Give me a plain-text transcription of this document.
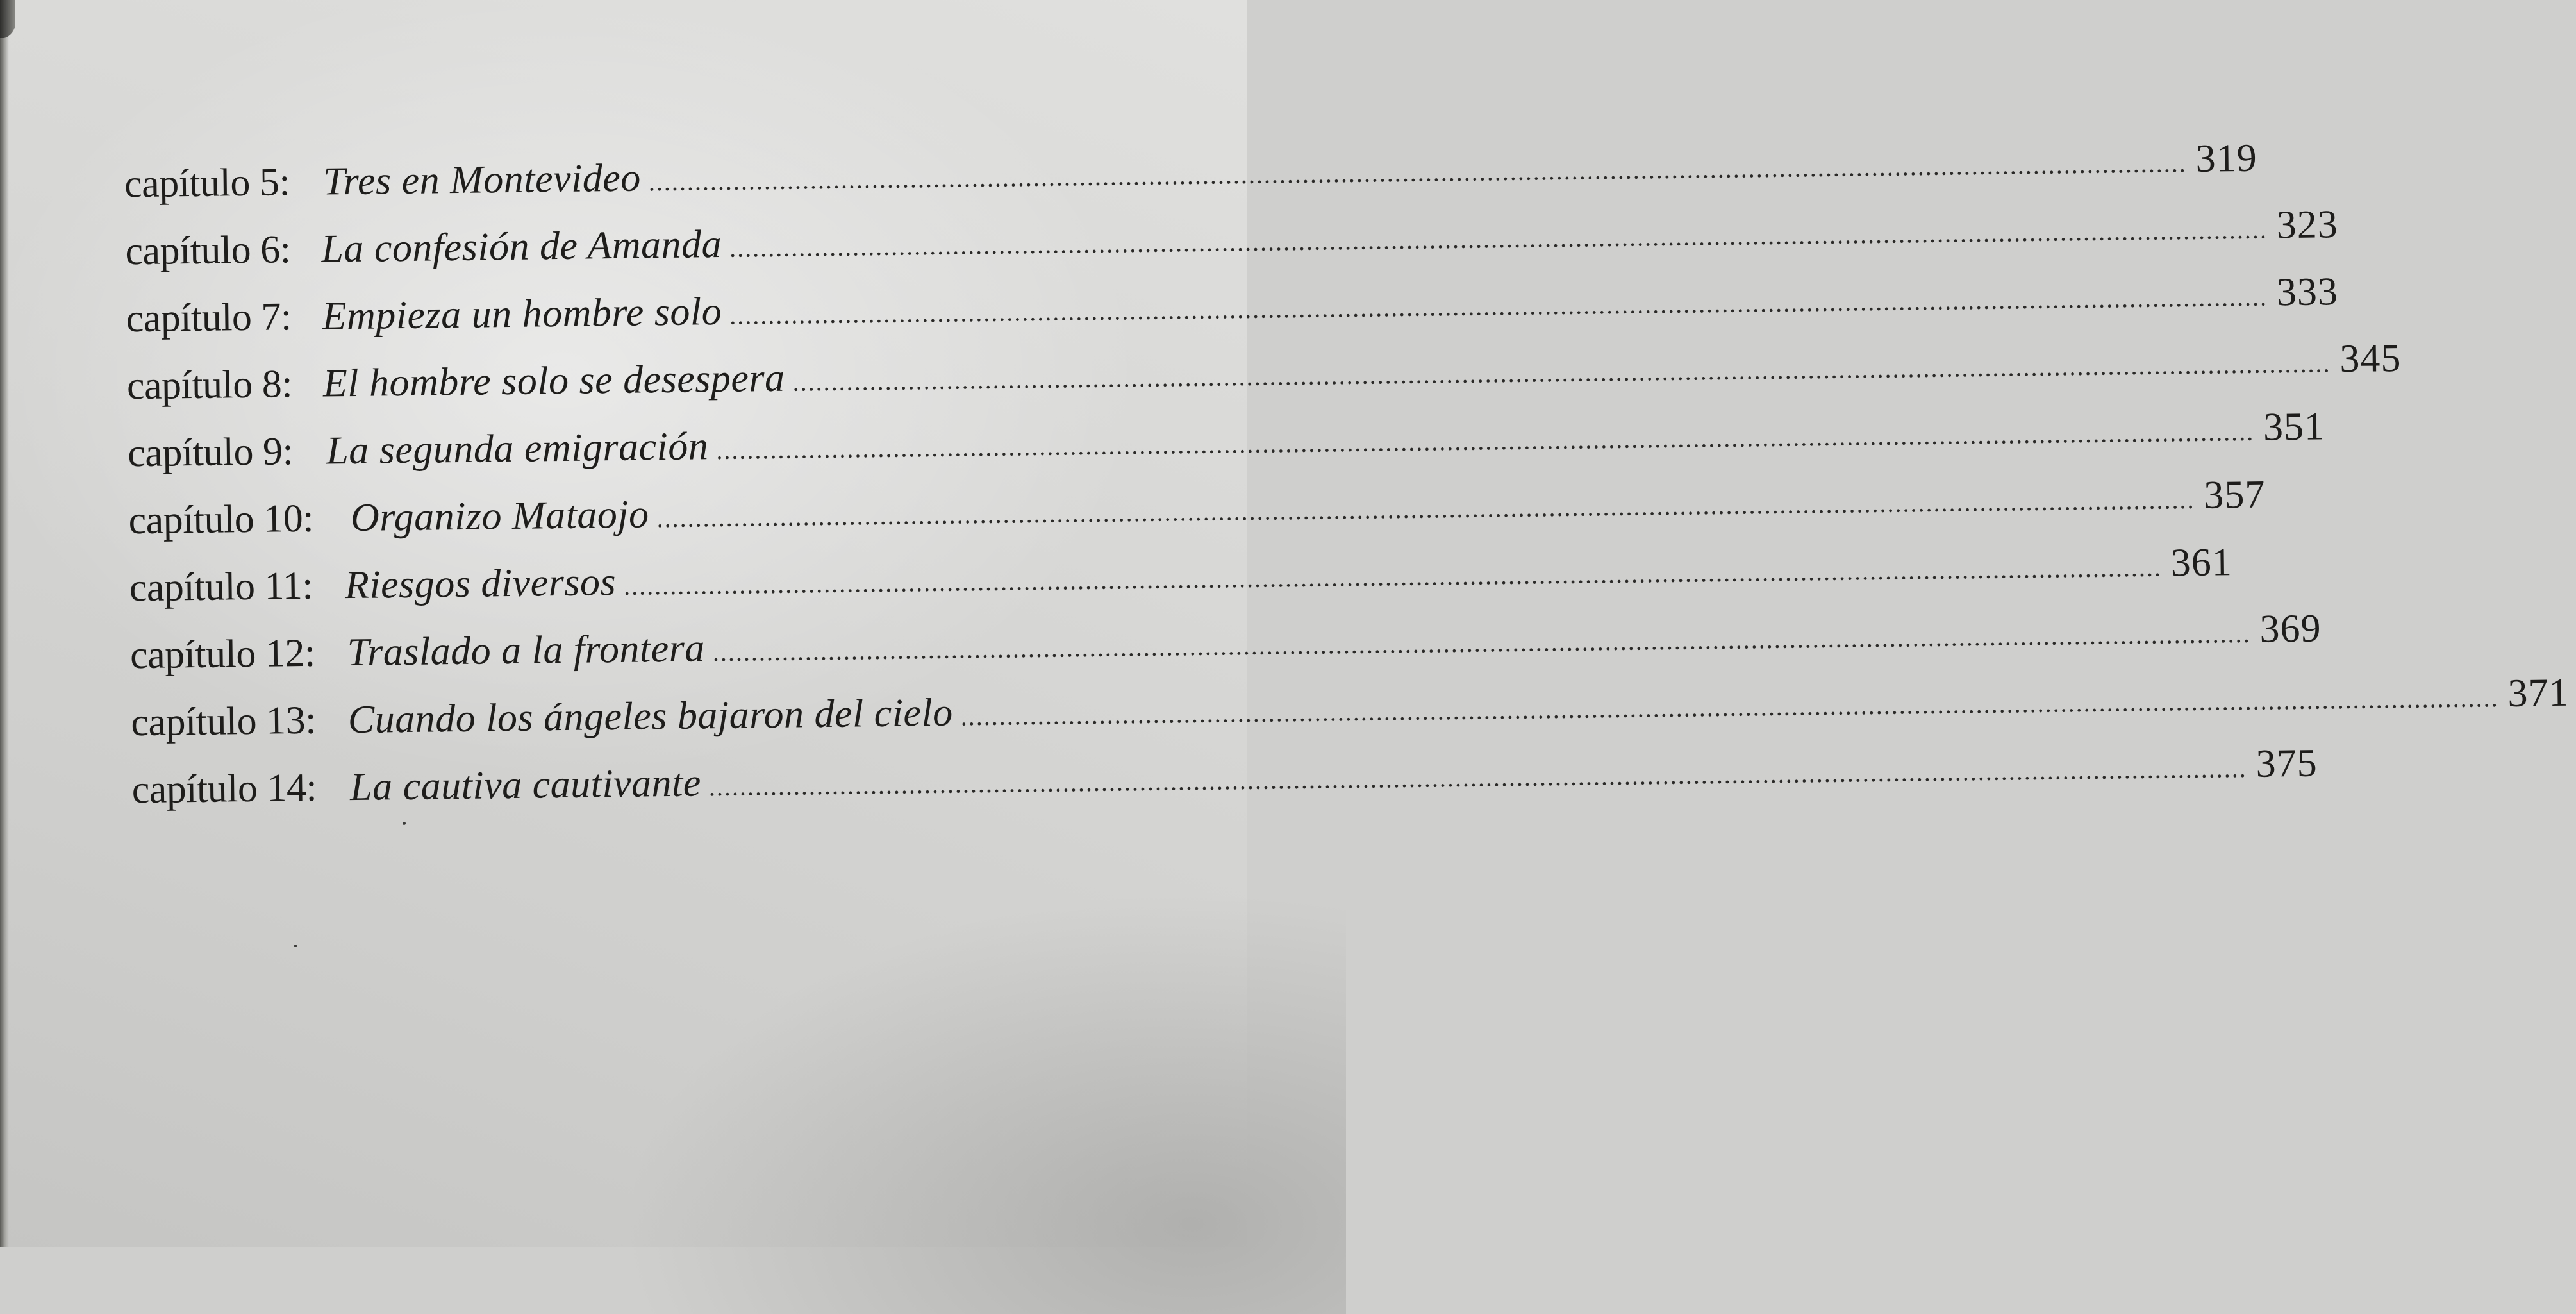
capítulo 5: Tres en Montevideo ........................................................................................................................................................................................................ 319
capítulo 6: La confesión de Amanda ........................................................................................................................................................................................................ 323
capítulo 7: Empieza un hombre solo ........................................................................................................................................................................................................ 333
capítulo 8: El hombre solo se desespera ........................................................................................................................................................................................................ 345
capítulo 9: La segunda emigración ........................................................................................................................................................................................................ 351
capítulo 10: Organizo Mataojo ........................................................................................................................................................................................................ 357
capítulo 11: Riesgos diversos ........................................................................................................................................................................................................ 361
capítulo 12: Traslado a la frontera ........................................................................................................................................................................................................ 369
capítulo 13: Cuando los ángeles bajaron del cielo ........................................................................................................................................................................................................ 371
capítulo 14: La cautiva cautivante ........................................................................................................................................................................................................ 375
